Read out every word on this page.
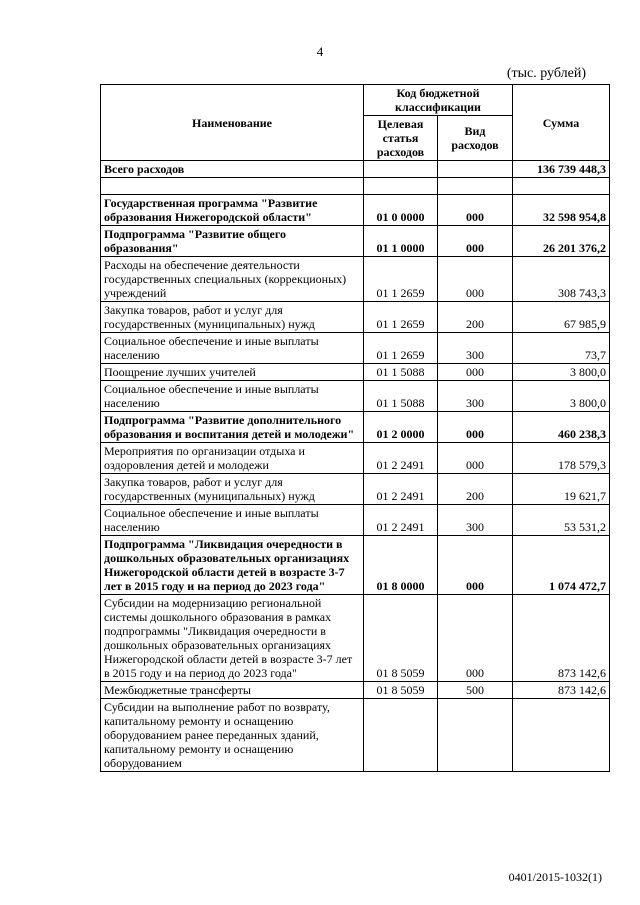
4
(тыс. рублей)
Наименование	Код бюджетной классификации		Сумма
	Целевая статья расходов	Вид расходов	
Всего расходов			136 739 448,3

Государственная программа "Развитие образования Нижегородской области"	01 0 0000	000	32 598 954,8
Подпрограмма "Развитие общего образования"	01 1 0000	000	26 201 376,2
Расходы на обеспечение деятельности государственных специальных (коррекционых) учреждений	01 1 2659	000	308 743,3
Закупка товаров, работ и услуг для государственных (муниципальных) нужд	01 1 2659	200	67 985,9
Социальное обеспечение и иные выплаты населению	01 1 2659	300	73,7
Поощрение лучших учителей	01 1 5088	000	3 800,0
Социальное обеспечение и иные выплаты населению	01 1 5088	300	3 800,0
Подпрограмма "Развитие дополнительного образования и воспитания детей и молодежи"	01 2 0000	000	460 238,3
Мероприятия по организации отдыха и оздоровления детей и молодежи	01 2 2491	000	178 579,3
Закупка товаров, работ и услуг для государственных (муниципальных) нужд	01 2 2491	200	19 621,7
Социальное обеспечение и иные выплаты населению	01 2 2491	300	53 531,2
Подпрограмма "Ликвидация очередности в дошкольных образовательных организациях Нижегородской области детей в возрасте 3-7 лет в 2015 году и на период до 2023 года"	01 8 0000	000	1 074 472,7
Субсидии на модернизацию региональной системы дошкольного образования в рамках подпрограммы "Ликвидация очередности в дошкольных образовательных организациях Нижегородской области детей в возрасте 3-7 лет в 2015 году и на период до 2023 года"	01 8 5059	000	873 142,6
Межбюджетные трансферты	01 8 5059	500	873 142,6
Субсидии на выполнение работ по возврату, капитальному ремонту и оснащению оборудованием ранее переданных зданий, капитальному ремонту и оснащению оборудованием			
0401/2015-1032(1)
